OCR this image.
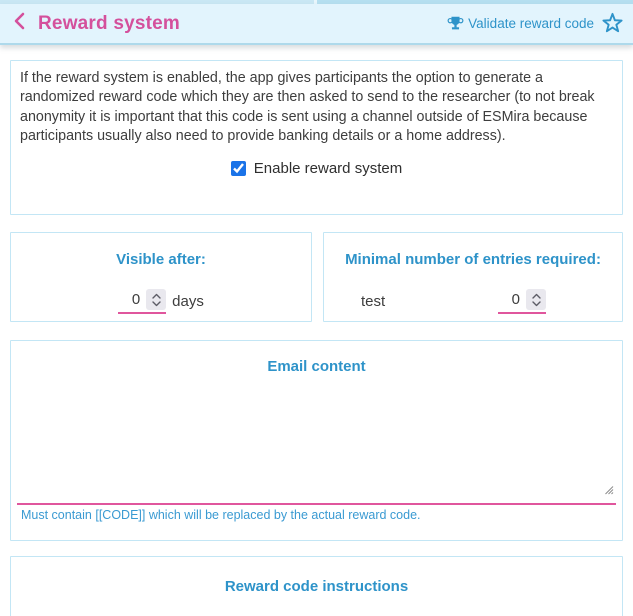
Reward system	Validate reward code
If the reward system is enabled, the app gives participants the option to generate a randomized reward code which they are then asked to send to the researcher (to not break anonymity it is important that this code is sent using a channel outside of ESMira because participants usually also need to provide banking details or a home address).
Enable reward system
Visible after:
0
days
Minimal number of entries required:
test
0
Email content
Must contain [[CODE]] which will be replaced by the actual reward code.
Reward code instructions
